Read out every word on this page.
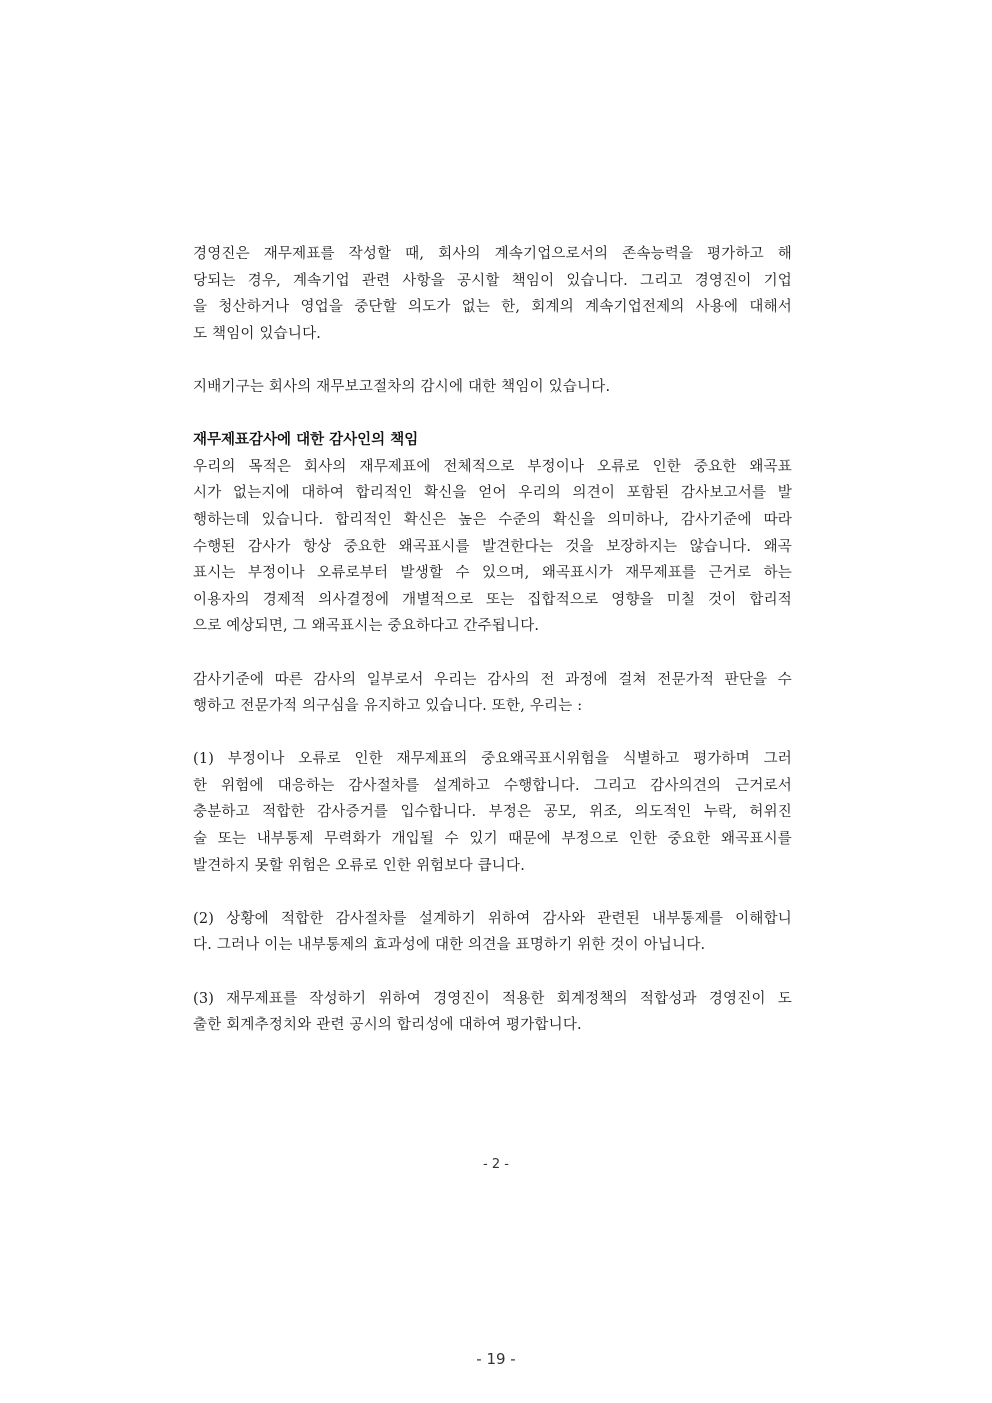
경영진은 재무제표를 작성할 때, 회사의 계속기업으로서의 존속능력을 평가하고 해
당되는 경우, 계속기업 관련 사항을 공시할 책임이 있습니다. 그리고 경영진이 기업
을 청산하거나 영업을 중단할 의도가 없는 한, 회계의 계속기업전제의 사용에 대해서
도 책임이 있습니다.
지배기구는 회사의 재무보고절차의 감시에 대한 책임이 있습니다.
재무제표감사에 대한 감사인의 책임
우리의 목적은 회사의 재무제표에 전체적으로 부정이나 오류로 인한 중요한 왜곡표
시가 없는지에 대하여 합리적인 확신을 얻어 우리의 의견이 포함된 감사보고서를 발
행하는데 있습니다. 합리적인 확신은 높은 수준의 확신을 의미하나, 감사기준에 따라
수행된 감사가 항상 중요한 왜곡표시를 발견한다는 것을 보장하지는 않습니다. 왜곡
표시는 부정이나 오류로부터 발생할 수 있으며, 왜곡표시가 재무제표를 근거로 하는
이용자의 경제적 의사결정에 개별적으로 또는 집합적으로 영향을 미칠 것이 합리적
으로 예상되면, 그 왜곡표시는 중요하다고 간주됩니다.
감사기준에 따른 감사의 일부로서 우리는 감사의 전 과정에 걸쳐 전문가적 판단을 수
행하고 전문가적 의구심을 유지하고 있습니다. 또한, 우리는 :
(1) 부정이나 오류로 인한 재무제표의 중요왜곡표시위험을 식별하고 평가하며 그러
한 위험에 대응하는 감사절차를 설계하고 수행합니다. 그리고 감사의견의 근거로서
충분하고 적합한 감사증거를 입수합니다. 부정은 공모, 위조, 의도적인 누락, 허위진
술 또는 내부통제 무력화가 개입될 수 있기 때문에 부정으로 인한 중요한 왜곡표시를
발견하지 못할 위험은 오류로 인한 위험보다 큽니다.
(2) 상황에 적합한 감사절차를 설계하기 위하여 감사와 관련된 내부통제를 이해합니
다. 그러나 이는 내부통제의 효과성에 대한 의견을 표명하기 위한 것이 아닙니다.
(3) 재무제표를 작성하기 위하여 경영진이 적용한 회계정책의 적합성과 경영진이 도
출한 회계추정치와 관련 공시의 합리성에 대하여 평가합니다.
- 2 -
- 19 -
